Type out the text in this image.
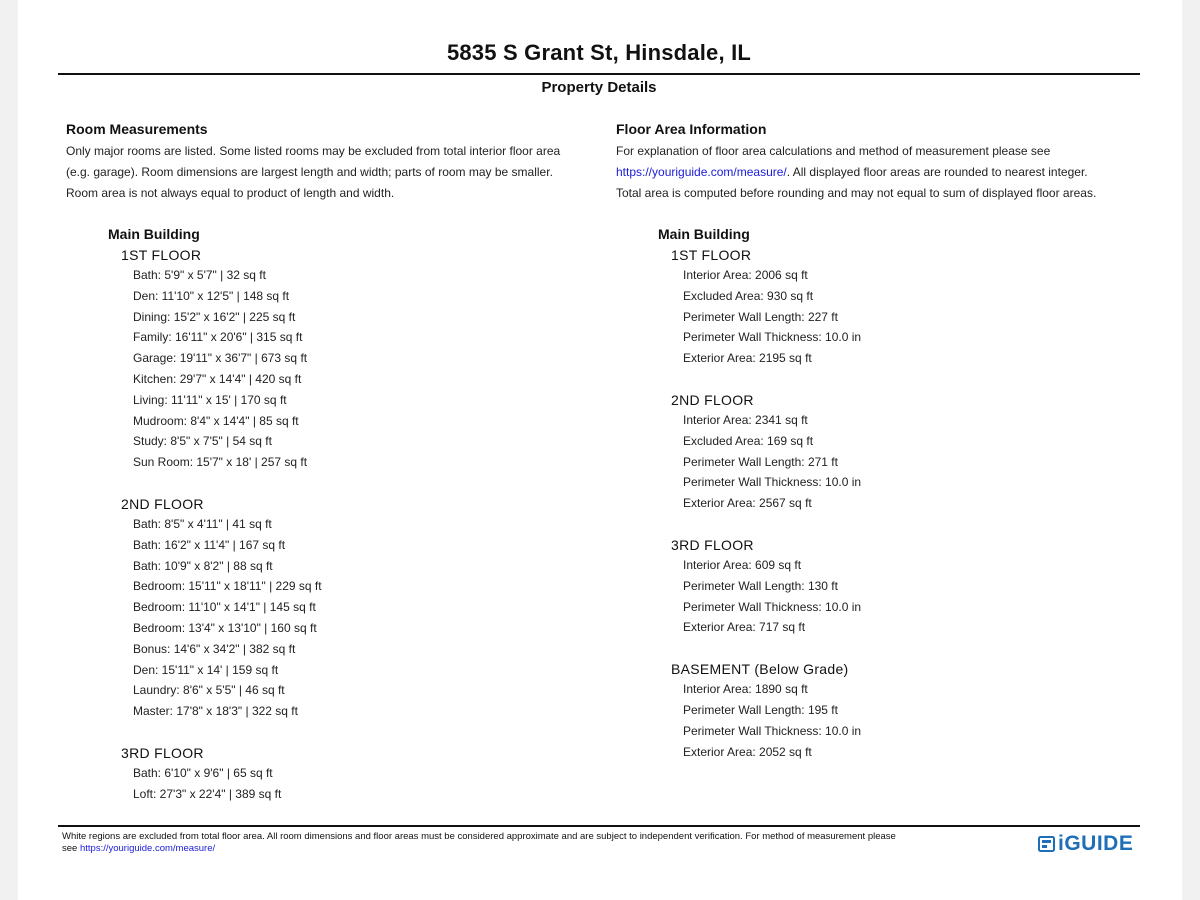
5835 S Grant St, Hinsdale, IL
Property Details
Room Measurements
Only major rooms are listed. Some listed rooms may be excluded from total interior floor area
(e.g. garage). Room dimensions are largest length and width; parts of room may be smaller.
Room area is not always equal to product of length and width.
Floor Area Information
For explanation of floor area calculations and method of measurement please see
https://youriguide.com/measure/. All displayed floor areas are rounded to nearest integer.
Total area is computed before rounding and may not equal to sum of displayed floor areas.
Main Building
1ST FLOOR
Bath: 5'9" x 5'7" | 32 sq ft
Den: 11'10" x 12'5" | 148 sq ft
Dining: 15'2" x 16'2" | 225 sq ft
Family: 16'11" x 20'6" | 315 sq ft
Garage: 19'11" x 36'7" | 673 sq ft
Kitchen: 29'7" x 14'4" | 420 sq ft
Living: 11'11" x 15' | 170 sq ft
Mudroom: 8'4" x 14'4" | 85 sq ft
Study: 8'5" x 7'5" | 54 sq ft
Sun Room: 15'7" x 18' | 257 sq ft
2ND FLOOR
Bath: 8'5" x 4'11" | 41 sq ft
Bath: 16'2" x 11'4" | 167 sq ft
Bath: 10'9" x 8'2" | 88 sq ft
Bedroom: 15'11" x 18'11" | 229 sq ft
Bedroom: 11'10" x 14'1" | 145 sq ft
Bedroom: 13'4" x 13'10" | 160 sq ft
Bonus: 14'6" x 34'2" | 382 sq ft
Den: 15'11" x 14' | 159 sq ft
Laundry: 8'6" x 5'5" | 46 sq ft
Master: 17'8" x 18'3" | 322 sq ft
3RD FLOOR
Bath: 6'10" x 9'6" | 65 sq ft
Loft: 27'3" x 22'4" | 389 sq ft
Main Building
1ST FLOOR
Interior Area: 2006 sq ft
Excluded Area: 930 sq ft
Perimeter Wall Length: 227 ft
Perimeter Wall Thickness: 10.0 in
Exterior Area: 2195 sq ft
2ND FLOOR
Interior Area: 2341 sq ft
Excluded Area: 169 sq ft
Perimeter Wall Length: 271 ft
Perimeter Wall Thickness: 10.0 in
Exterior Area: 2567 sq ft
3RD FLOOR
Interior Area: 609 sq ft
Perimeter Wall Length: 130 ft
Perimeter Wall Thickness: 10.0 in
Exterior Area: 717 sq ft
BASEMENT (Below Grade)
Interior Area: 1890 sq ft
Perimeter Wall Length: 195 ft
Perimeter Wall Thickness: 10.0 in
Exterior Area: 2052 sq ft
White regions are excluded from total floor area. All room dimensions and floor areas must be considered approximate and are subject to independent verification. For method of measurement please
see https://youriguide.com/measure/	iGUIDE
